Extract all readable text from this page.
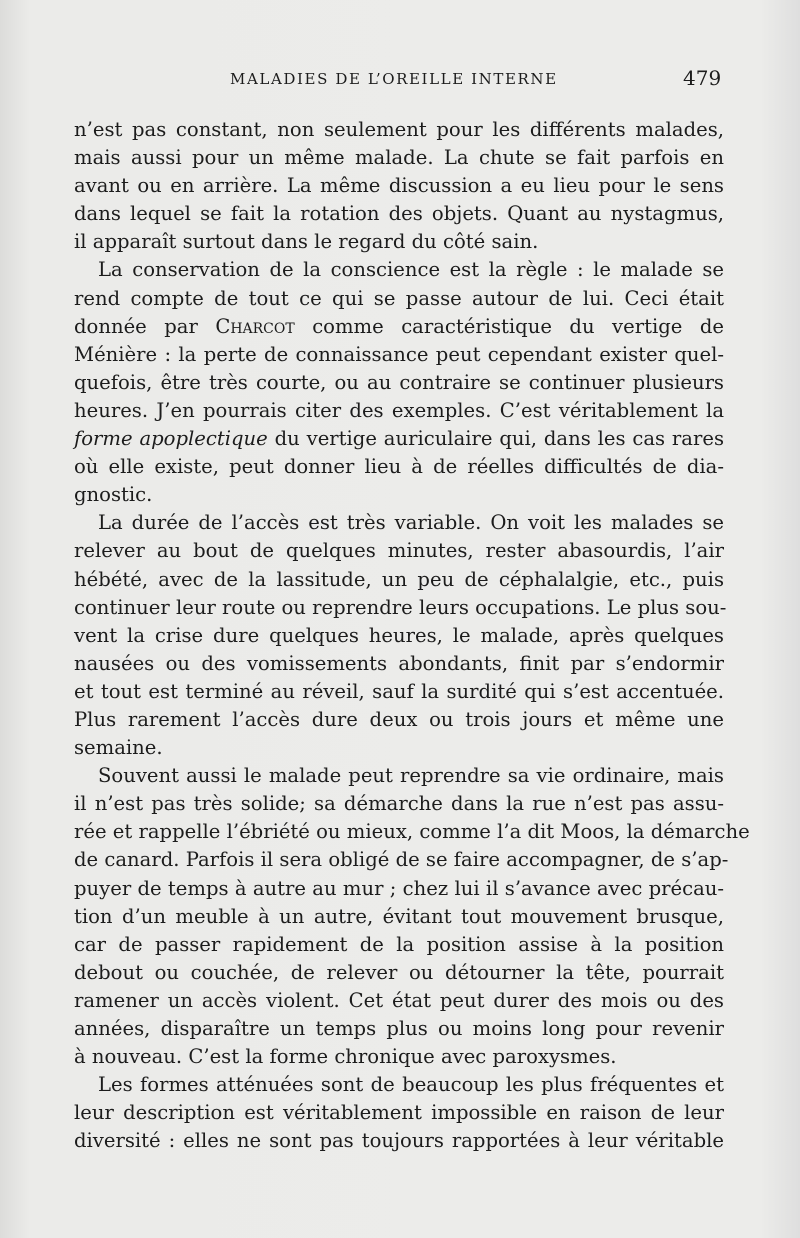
MALADIES DE L’OREILLE INTERNE	479
n’est pas constant, non seulement pour les différents malades,
mais aussi pour un même malade. La chute se fait parfois en
avant ou en arrière. La même discussion a eu lieu pour le sens
dans lequel se fait la rotation des objets. Quant au nystagmus,
il apparaît surtout dans le regard du côté sain.
La conservation de la conscience est la règle : le malade se
rend compte de tout ce qui se passe autour de lui. Ceci était
donnée par Charcot comme caractéristique du vertige de
Ménière : la perte de connaissance peut cependant exister quel-
quefois, être très courte, ou au contraire se continuer plusieurs
heures. J’en pourrais citer des exemples. C’est véritablement la
forme apoplectique du vertige auriculaire qui, dans les cas rares
où elle existe, peut donner lieu à de réelles difficultés de dia-
gnostic.
La durée de l’accès est très variable. On voit les malades se
relever au bout de quelques minutes, rester abasourdis, l’air
hébété, avec de la lassitude, un peu de céphalalgie, etc., puis
continuer leur route ou reprendre leurs occupations. Le plus sou-
vent la crise dure quelques heures, le malade, après quelques
nausées ou des vomissements abondants, finit par s’endormir
et tout est terminé au réveil, sauf la surdité qui s’est accentuée.
Plus rarement l’accès dure deux ou trois jours et même une
semaine.
Souvent aussi le malade peut reprendre sa vie ordinaire, mais
il n’est pas très solide; sa démarche dans la rue n’est pas assu-
rée et rappelle l’ébriété ou mieux, comme l’a dit Moos, la démarche
de canard. Parfois il sera obligé de se faire accompagner, de s’ap-
puyer de temps à autre au mur ; chez lui il s’avance avec précau-
tion d’un meuble à un autre, évitant tout mouvement brusque,
car de passer rapidement de la position assise à la position
debout ou couchée, de relever ou détourner la tête, pourrait
ramener un accès violent. Cet état peut durer des mois ou des
années, disparaître un temps plus ou moins long pour revenir
à nouveau. C’est la forme chronique avec paroxysmes.
Les formes atténuées sont de beaucoup les plus fréquentes et
leur description est véritablement impossible en raison de leur
diversité : elles ne sont pas toujours rapportées à leur véritable
